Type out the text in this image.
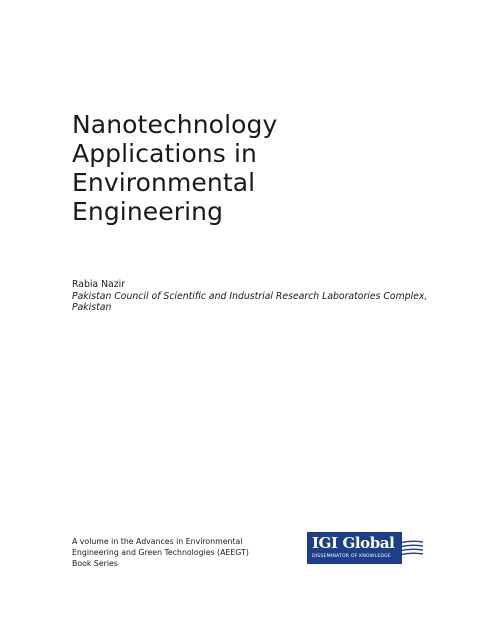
Nanotechnology
Applications in
Environmental
Engineering
Rabia Nazir
Pakistan Council of Scientific and Industrial Research Laboratories Complex,
Pakistan
A volume in the Advances in Environmental
Engineering and Green Technologies (AEEGT)
Book Series
IGI Global
DISSEMINATOR OF KNOWLEDGE
